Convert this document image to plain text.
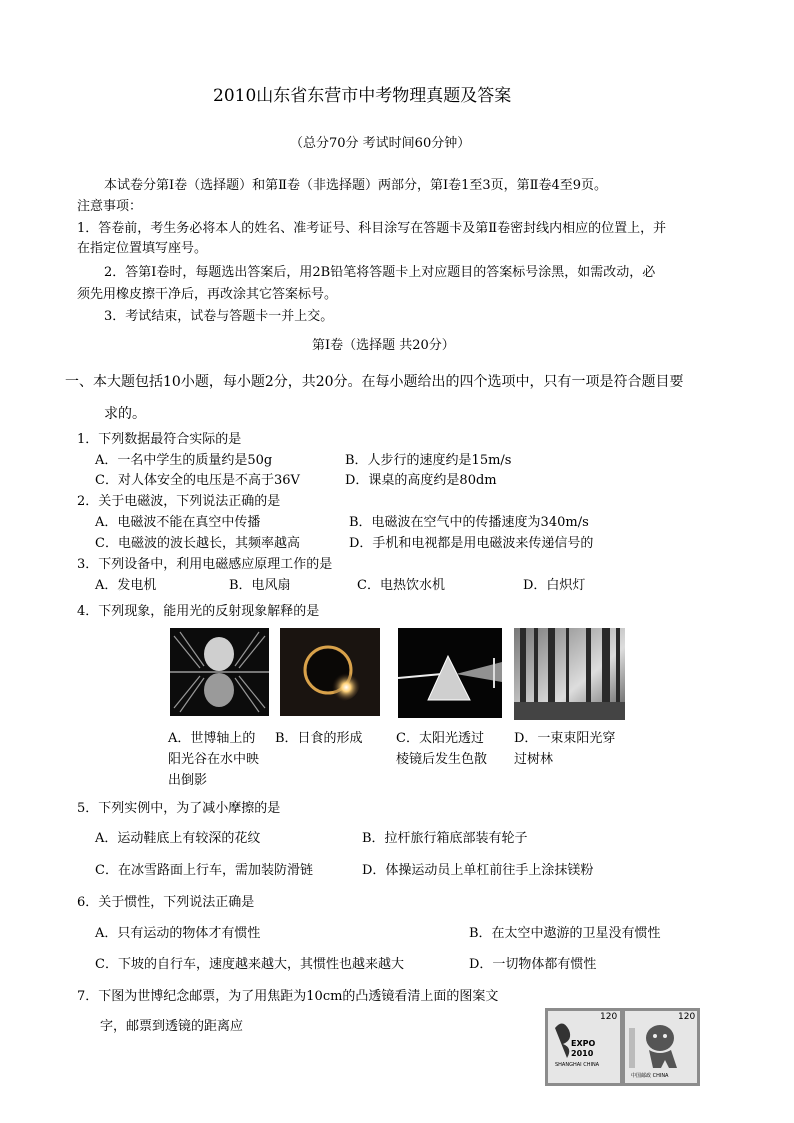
2010山东省东营市中考物理真题及答案
（总分70分 考试时间60分钟）
本试卷分第Ⅰ卷（选择题）和第Ⅱ卷（非选择题）两部分，第Ⅰ卷1至3页，第Ⅱ卷4至9页。
注意事项：
1．答卷前，考生务必将本人的姓名、准考证号、科目涂写在答题卡及第Ⅱ卷密封线内相应的位置上，并
在指定位置填写座号。
2．答第Ⅰ卷时，每题选出答案后，用2B铅笔将答题卡上对应题目的答案标号涂黑，如需改动，必
须先用橡皮擦干净后，再改涂其它答案标号。
3．考试结束，试卷与答题卡一并上交。
第Ⅰ卷（选择题 共20分）
一、本大题包括10小题，每小题2分，共20分。在每小题给出的四个选项中，只有一项是符合题目要
求的。
1．下列数据最符合实际的是
A．一名中学生的质量约是50g	B．人步行的速度约是15m/s
C．对人体安全的电压是不高于36V	D．课桌的高度约是80dm
2．关于电磁波，下列说法正确的是
A．电磁波不能在真空中传播	B．电磁波在空气中的传播速度为340m/s
C．电磁波的波长越长，其频率越高	D．手机和电视都是用电磁波来传递信号的
3．下列设备中，利用电磁感应原理工作的是
A．发电机	B．电风扇	C．电热饮水机	D．白炽灯
4．下列现象，能用光的反射现象解释的是
A．世博轴上的阳光谷在水中映出倒影
B．日食的形成	C．太阳光透过棱镜后发生色散
D．一束束阳光穿过树林
5．下列实例中，为了减小摩擦的是
A．运动鞋底上有较深的花纹	B．拉杆旅行箱底部装有轮子
C．在冰雪路面上行车，需加装防滑链	D．体操运动员上单杠前往手上涂抹镁粉
6．关于惯性，下列说法正确是
A．只有运动的物体才有惯性	B．在太空中遨游的卫星没有惯性
C．下坡的自行车，速度越来越大，其惯性也越来越大	D．一切物体都有惯性
7．下图为世博纪念邮票，为了用焦距为10cm的凸透镜看清上面的图案文
字，邮票到透镜的距离应
120	120
EXPO
2010
SHANGHAI CHINA
中国邮政 CHINA
